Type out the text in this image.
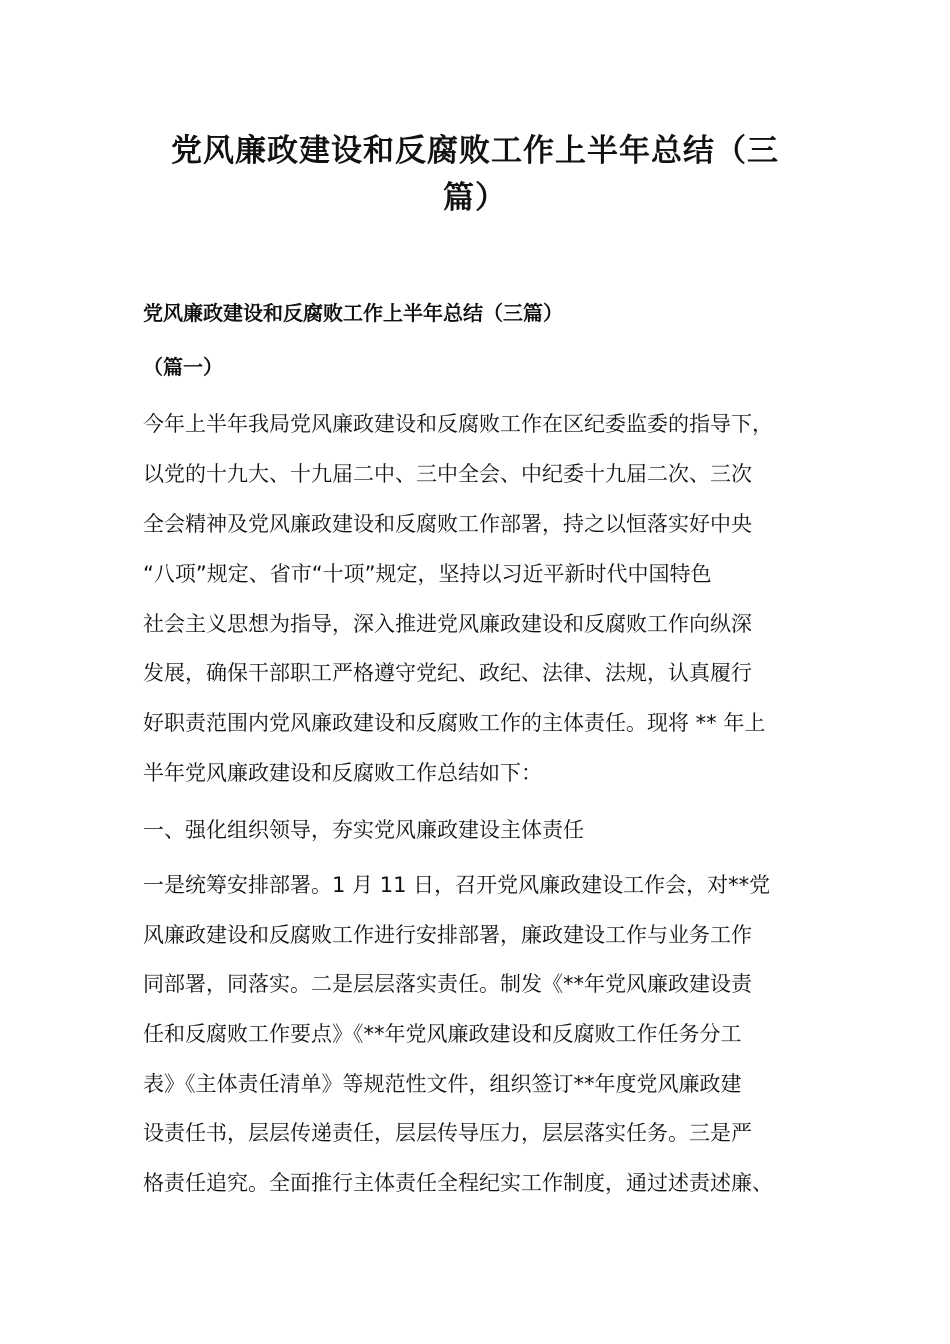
党风廉政建设和反腐败工作上半年总结（三
篇）

党风廉政建设和反腐败工作上半年总结（三篇）

（篇一）

今年上半年我局党风廉政建设和反腐败工作在区纪委监委的指导下，

以党的十九大、十九届二中、三中全会、中纪委十九届二次、三次

全会精神及党风廉政建设和反腐败工作部署，持之以恒落实好中央

“八项”规定、省市“十项”规定，坚持以习近平新时代中国特色

社会主义思想为指导，深入推进党风廉政建设和反腐败工作向纵深

发展，确保干部职工严格遵守党纪、政纪、法律、法规，认真履行

好职责范围内党风廉政建设和反腐败工作的主体责任。现将 ** 年上

半年党风廉政建设和反腐败工作总结如下：

一、强化组织领导，夯实党风廉政建设主体责任

一是统筹安排部署。1 月 11 日，召开党风廉政建设工作会，对**党

风廉政建设和反腐败工作进行安排部署，廉政建设工作与业务工作

同部署，同落实。二是层层落实责任。制发《**年党风廉政建设责

任和反腐败工作要点》《**年党风廉政建设和反腐败工作任务分工

表》《主体责任清单》等规范性文件，组织签订**年度党风廉政建

设责任书，层层传递责任，层层传导压力，层层落实任务。三是严

格责任追究。全面推行主体责任全程纪实工作制度，通过述责述廉、
